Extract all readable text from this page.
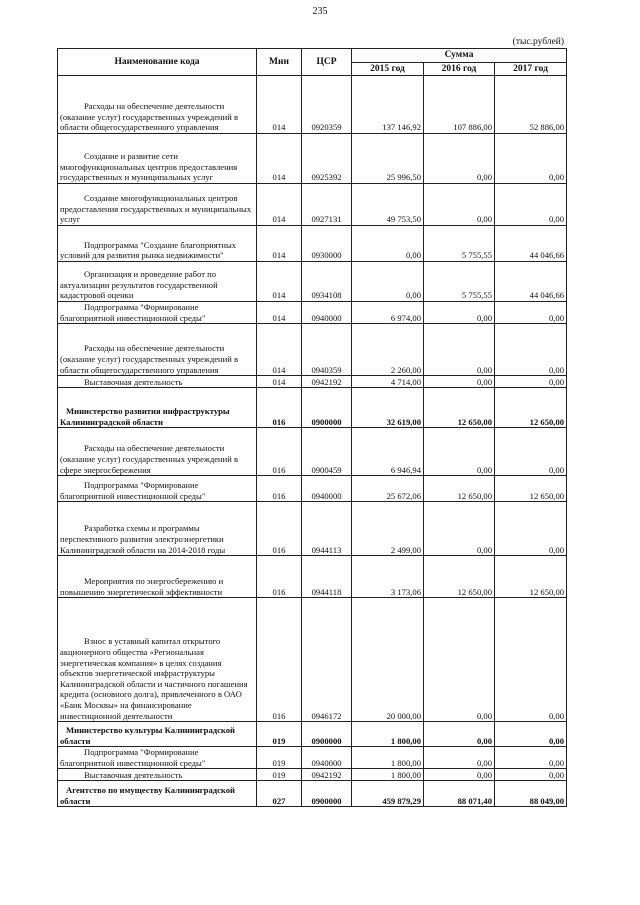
235
(тыс.рублей)
Наименование кода	Мин	ЦСР	Сумма		
			2015 год	2016 год	2017 год

Расходы на обеспечение деятельности (оказание услуг) государственных учреждений в области общегосударственного управления	014	0920359	137 146,92	107 886,00	52 886,00

Создание и развитие сети многофункциональных центров предоставления государственных и муниципальных услуг	014	0925392	25 996,50	0,00	0,00

Создание многофункциональных центров предоставления государственных и муниципальных услуг	014	0927131	49 753,50	0,00	0,00

Подпрограмма "Создание благоприятных условий для развития рынка недвижимости"	014	0930000	0,00	5 755,55	44 046,66

Организация и проведение работ по актуализации результатов государственной кадастровой оценки	014	0934108	0,00	5 755,55	44 046,66

Подпрограмма "Формирование благоприятной инвестиционной среды"	014	0940000	6 974,00	0,00	0,00

Расходы на обеспечение деятельности (оказание услуг) государственных учреждений в области общегосударственного управления	014	0940359	2 260,00	0,00	0,00

Выставочная деятельность	014	0942192	4 714,00	0,00	0,00

Министерство развития инфраструктуры Калининградской области	016	0900000	32 619,00	12 650,00	12 650,00

Расходы на обеспечение деятельности (оказание услуг) государственных учреждений в сфере энергосбережения	016	0900459	6 946,94	0,00	0,00

Подпрограмма "Формирование благоприятной инвестиционной среды"	016	0940000	25 672,06	12 650,00	12 650,00

Разработка схемы и программы перспективного развития электроэнергетики Калининградской области на 2014-2018 годы	016	0944113	2 499,00	0,00	0,00

Мероприятия по энергосбережению и повышению энергетической эффективности	016	0944118	3 173,06	12 650,00	12 650,00

Взнос в уставный капитал открытого акционерного общества «Региональная энергетическая компания» в целях создания объектов энергетической инфраструктуры Калининградской области и частичного погашения кредита (основного долга), привлеченного в ОАО «Банк Москвы» на финансирование инвестиционной деятельности	016	0946172	20 000,00	0,00	0,00

Министерство культуры Калининградской области	019	0900000	1 800,00	0,00	0,00

Подпрограмма "Формирование благоприятной инвестиционной среды"	019	0940000	1 800,00	0,00	0,00

Выставочная деятельность	019	0942192	1 800,00	0,00	0,00

Агентство по имуществу Калининградской области	027	0900000	459 879,29	88 071,40	88 049,00
